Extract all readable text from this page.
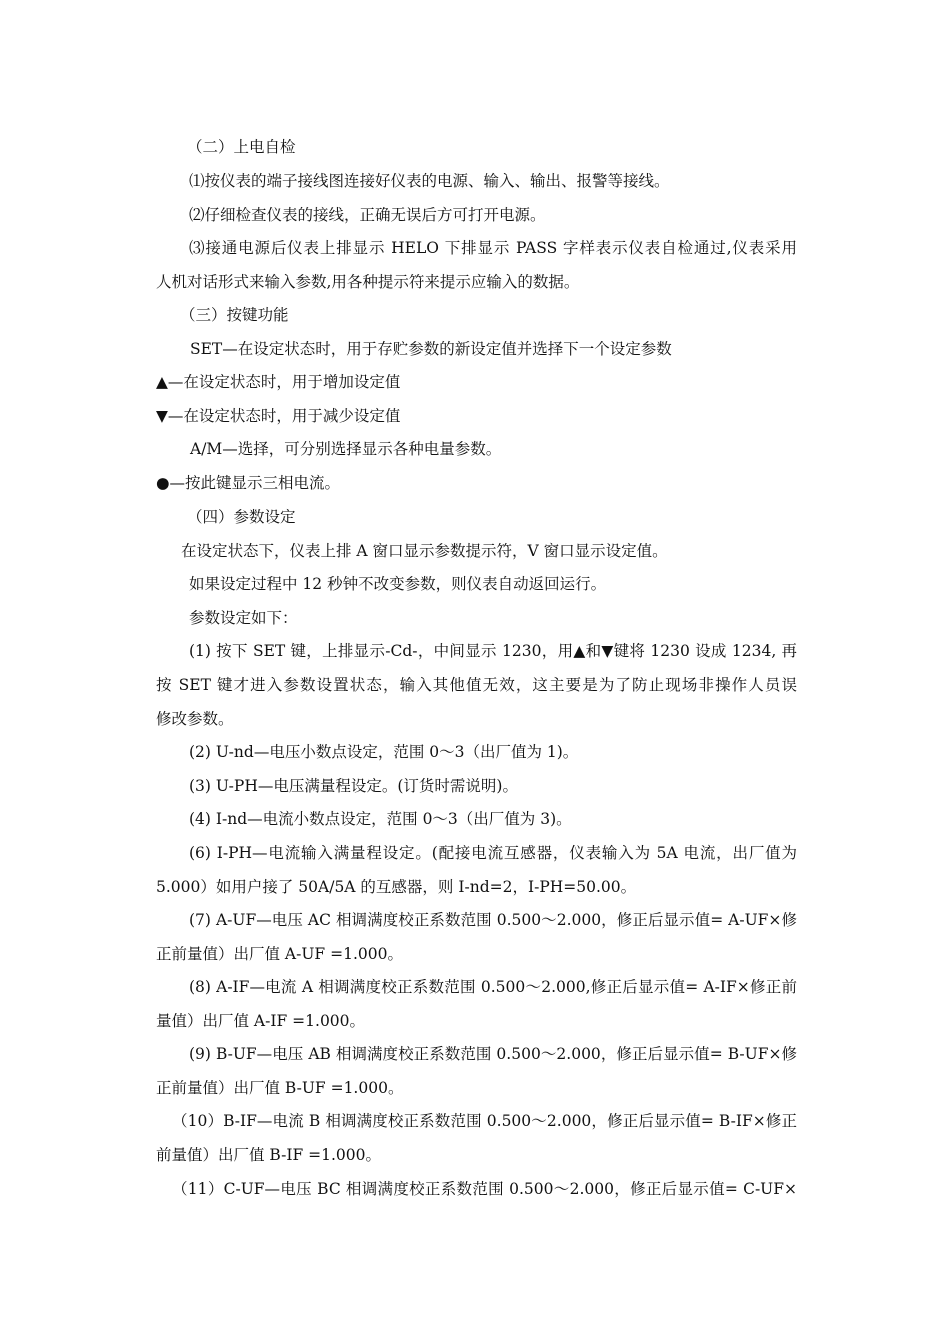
（二）上电自检
⑴按仪表的端子接线图连接好仪表的电源、输入、输出、报警等接线。
⑵仔细检查仪表的接线，正确无误后方可打开电源。
⑶接通电源后仪表上排显示 HELO 下排显示 PASS 字样表示仪表自检通过,仪表采用
人机对话形式来输入参数,用各种提示符来提示应输入的数据。
（三）按键功能
SET—在设定状态时，用于存贮参数的新设定值并选择下一个设定参数
▲—在设定状态时，用于增加设定值
▼—在设定状态时，用于减少设定值
A/M—选择，可分别选择显示各种电量参数。
●—按此键显示三相电流。
（四）参数设定
在设定状态下，仪表上排 A 窗口显示参数提示符，V 窗口显示设定值。
如果设定过程中 12 秒钟不改变参数，则仪表自动返回运行。
参数设定如下：
(1) 按下 SET 键，上排显示-Cd-，中间显示 1230，用▲和▼键将 1230 设成 1234, 再
按 SET 键才进入参数设置状态，输入其他值无效，这主要是为了防止现场非操作人员误
修改参数。
(2) U-nd—电压小数点设定，范围 0～3（出厂值为 1)。
(3) U-PH—电压满量程设定。(订货时需说明)。
(4) I-nd—电流小数点设定，范围 0～3（出厂值为 3)。
(6) I-PH—电流输入满量程设定。(配接电流互感器，仪表输入为 5A 电流，出厂值为
5.000）如用户接了 50A/5A 的互感器，则 I-nd=2，I-PH=50.00。
(7) A-UF—电压 AC 相调满度校正系数范围 0.500～2.000，修正后显示值= A-UF×修
正前量值）出厂值 A-UF =1.000。
(8) A-IF—电流 A 相调满度校正系数范围 0.500～2.000,修正后显示值= A-IF×修正前
量值）出厂值 A-IF =1.000。
(9) B-UF—电压 AB 相调满度校正系数范围 0.500～2.000，修正后显示值= B-UF×修
正前量值）出厂值 B-UF =1.000。
（10）B-IF—电流 B 相调满度校正系数范围 0.500～2.000，修正后显示值= B-IF×修正
前量值）出厂值 B-IF =1.000。
（11）C-UF—电压 BC 相调满度校正系数范围 0.500～2.000，修正后显示值= C-UF×
